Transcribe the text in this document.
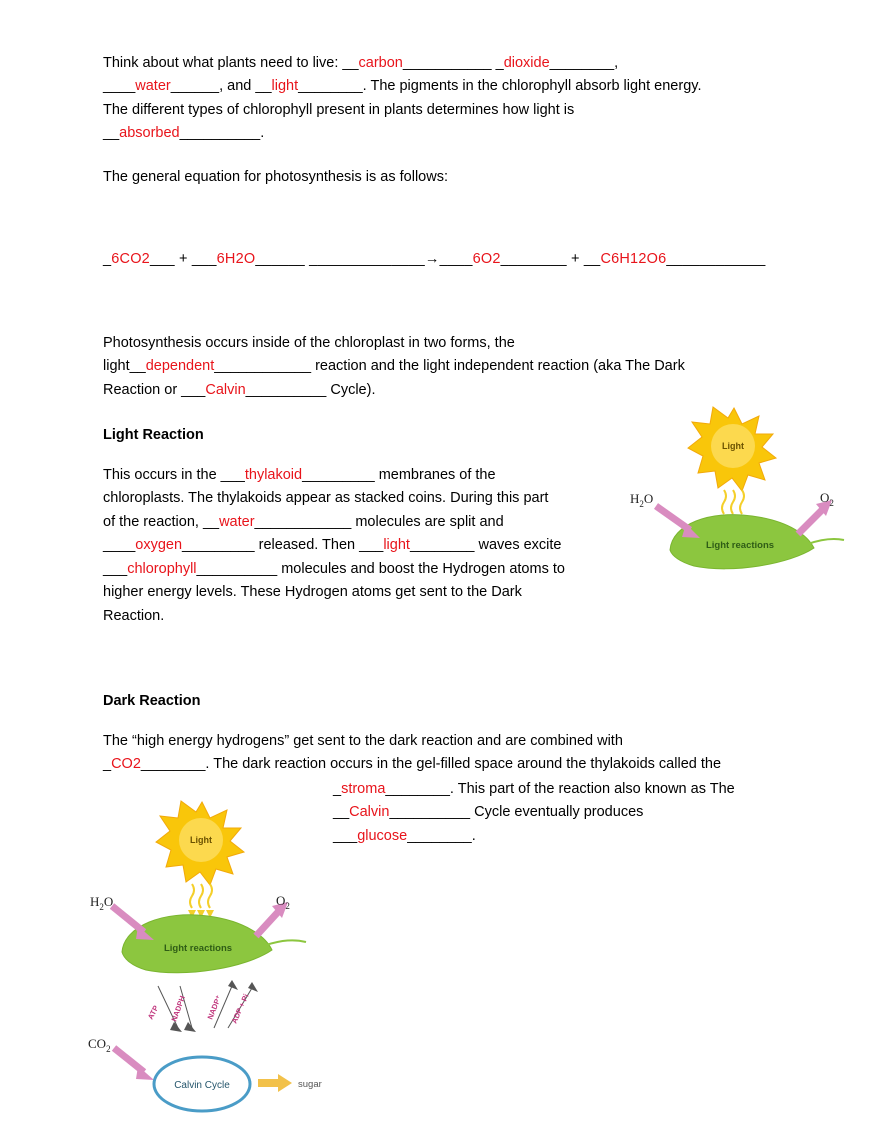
Think about what plants need to live: __carbon___________ _dioxide________,
____water______, and __light________. The pigments in the chlorophyll absorb light energy.
The different types of chlorophyll present in plants determines how light is
__absorbed__________.
The general equation for photosynthesis is as follows:
_6CO2___ + ___6H2O______ ______________→____6O2________ + __C6H12O6____________
Photosynthesis occurs inside of the chloroplast in two forms, the
light__dependent____________ reaction and the light independent reaction (aka The Dark
Reaction or ___Calvin__________ Cycle).
Light Reaction
This occurs in the ___thylakoid_________ membranes of the
chloroplasts. The thylakoids appear as stacked coins. During this part
of the reaction, __water____________ molecules are split and
____oxygen_________ released. Then ___light________ waves excite
___chlorophyll__________ molecules and boost the Hydrogen atoms to
higher energy levels. These Hydrogen atoms get sent to the Dark
Reaction.
Dark Reaction
The “high energy hydrogens” get sent to the dark reaction and are combined with
_CO2________. The dark reaction occurs in the gel-filled space around the thylakoids called the
_stroma________. This part of the reaction also known as The
__Calvin__________ Cycle eventually produces
___glucose________.
Light
Light reactions
$H_2O$	$O_2$
Light
Light reactions
$H_2O$	$O_2$
ATP NADPH NADP⁺ ADP + Pi
$CO_2$
Calvin Cycle	sugar
